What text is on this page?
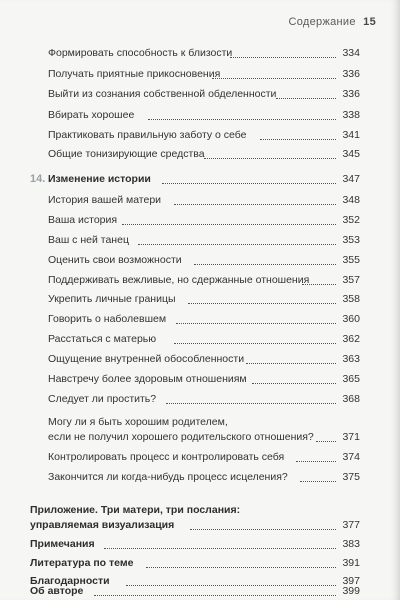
Содержание 15
Формировать способность к близости	334
Получать приятные прикосновения	336
Выйти из сознания собственной обделенности	336
Вбирать хорошее	338
Практиковать правильную заботу о себе	341
Общие тонизирующие средства	345
14. Изменение истории	347
История вашей матери	348
Ваша история	352
Ваш с ней танец	353
Оценить свои возможности	355
Поддерживать вежливые, но сдержанные отношения	357
Укрепить личные границы	358
Говорить о наболевшем	360
Расстаться с матерью	362
Ощущение внутренней обособленности	363
Навстречу более здоровым отношениям	365
Следует ли простить?	368
Могу ли я быть хорошим родителем,
если не получил хорошего родительского отношения?	371
Контролировать процесс и контролировать себя	374
Закончится ли когда-нибудь процесс исцеления?	375
Приложение. Три матери, три послания:
управляемая визуализация	377
Примечания	383
Литература по теме	391
Благодарности	397
Об авторе	399
